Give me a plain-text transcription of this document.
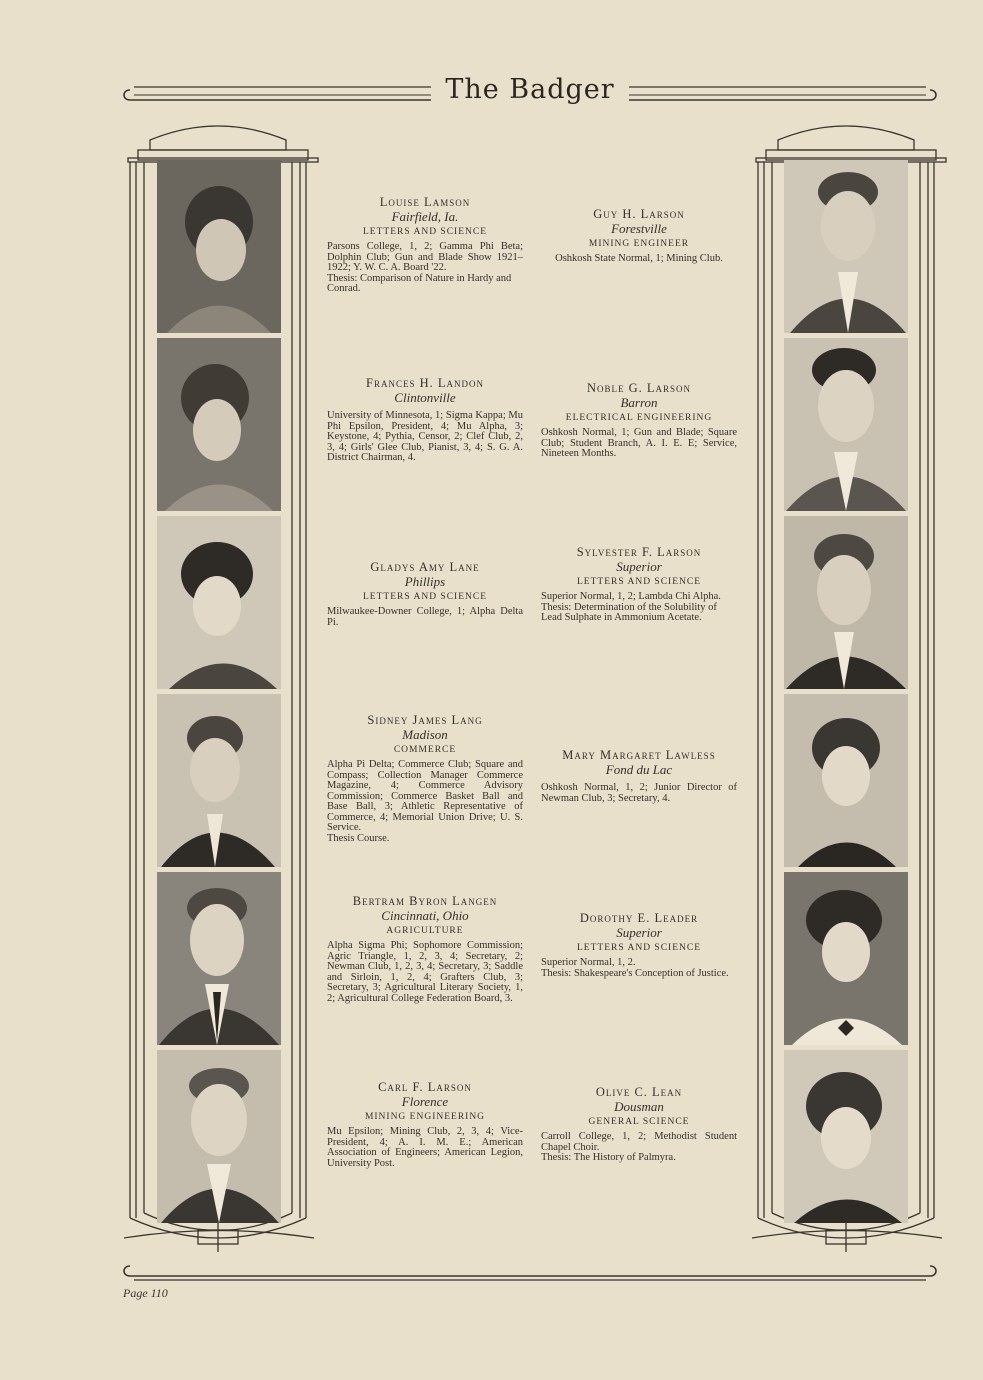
The Badger
Louise Lamson
Fairfield, Ia.
LETTERS AND SCIENCE
Parsons College, 1, 2; Gamma Phi Beta; Dolphin Club; Gun and Blade Show 1921–1922; Y. W. C. A. Board '22.
Thesis: Comparison of Nature in Hardy and Conrad.
Frances H. Landon
Clintonville
University of Minnesota, 1; Sigma Kappa; Mu Phi Epsilon, President, 4; Mu Alpha, 3; Keystone, 4; Pythia, Censor, 2; Clef Club, 2, 3, 4; Girls' Glee Club, Pianist, 3, 4; S. G. A. District Chairman, 4.
Gladys Amy Lane
Phillips
LETTERS AND SCIENCE
Milwaukee-Downer College, 1; Alpha Delta Pi.
Sidney James Lang
Madison
COMMERCE
Alpha Pi Delta; Commerce Club; Square and Compass; Collection Manager Commerce Magazine, 4; Commerce Advisory Commission; Commerce Basket Ball and Base Ball, 3; Athletic Representative of Commerce, 4; Memorial Union Drive; U. S. Service.
Thesis Course.
Bertram Byron Langen
Cincinnati, Ohio
AGRICULTURE
Alpha Sigma Phi; Sophomore Commission; Agric Triangle, 1, 2, 3, 4; Secretary, 2; Newman Club, 1, 2, 3, 4; Secretary, 3; Saddle and Sirloin, 1, 2, 4; Grafters Club, 3; Secretary, 3; Agricultural Literary Society, 1, 2; Agricultural College Federation Board, 3.
Carl F. Larson
Florence
MINING ENGINEERING
Mu Epsilon; Mining Club, 2, 3, 4; Vice-President, 4; A. I. M. E.; American Association of Engineers; American Legion, University Post.
Guy H. Larson
Forestville
MINING ENGINEER
Oshkosh State Normal, 1; Mining Club.
Noble G. Larson
Barron
ELECTRICAL ENGINEERING
Oshkosh Normal, 1; Gun and Blade; Square Club; Student Branch, A. I. E. E; Service, Nineteen Months.
Sylvester F. Larson
Superior
LETTERS AND SCIENCE
Superior Normal, 1, 2; Lambda Chi Alpha.
Thesis: Determination of the Solubility of Lead Sulphate in Ammonium Acetate.
Mary Margaret Lawless
Fond du Lac
Oshkosh Normal, 1, 2; Junior Director of Newman Club, 3; Secretary, 4.
Dorothy E. Leader
Superior
LETTERS AND SCIENCE
Superior Normal, 1, 2.
Thesis: Shakespeare's Conception of Justice.
Olive C. Lean
Dousman
GENERAL SCIENCE
Carroll College, 1, 2; Methodist Student Chapel Choir.
Thesis: The History of Palmyra.
Page 110
